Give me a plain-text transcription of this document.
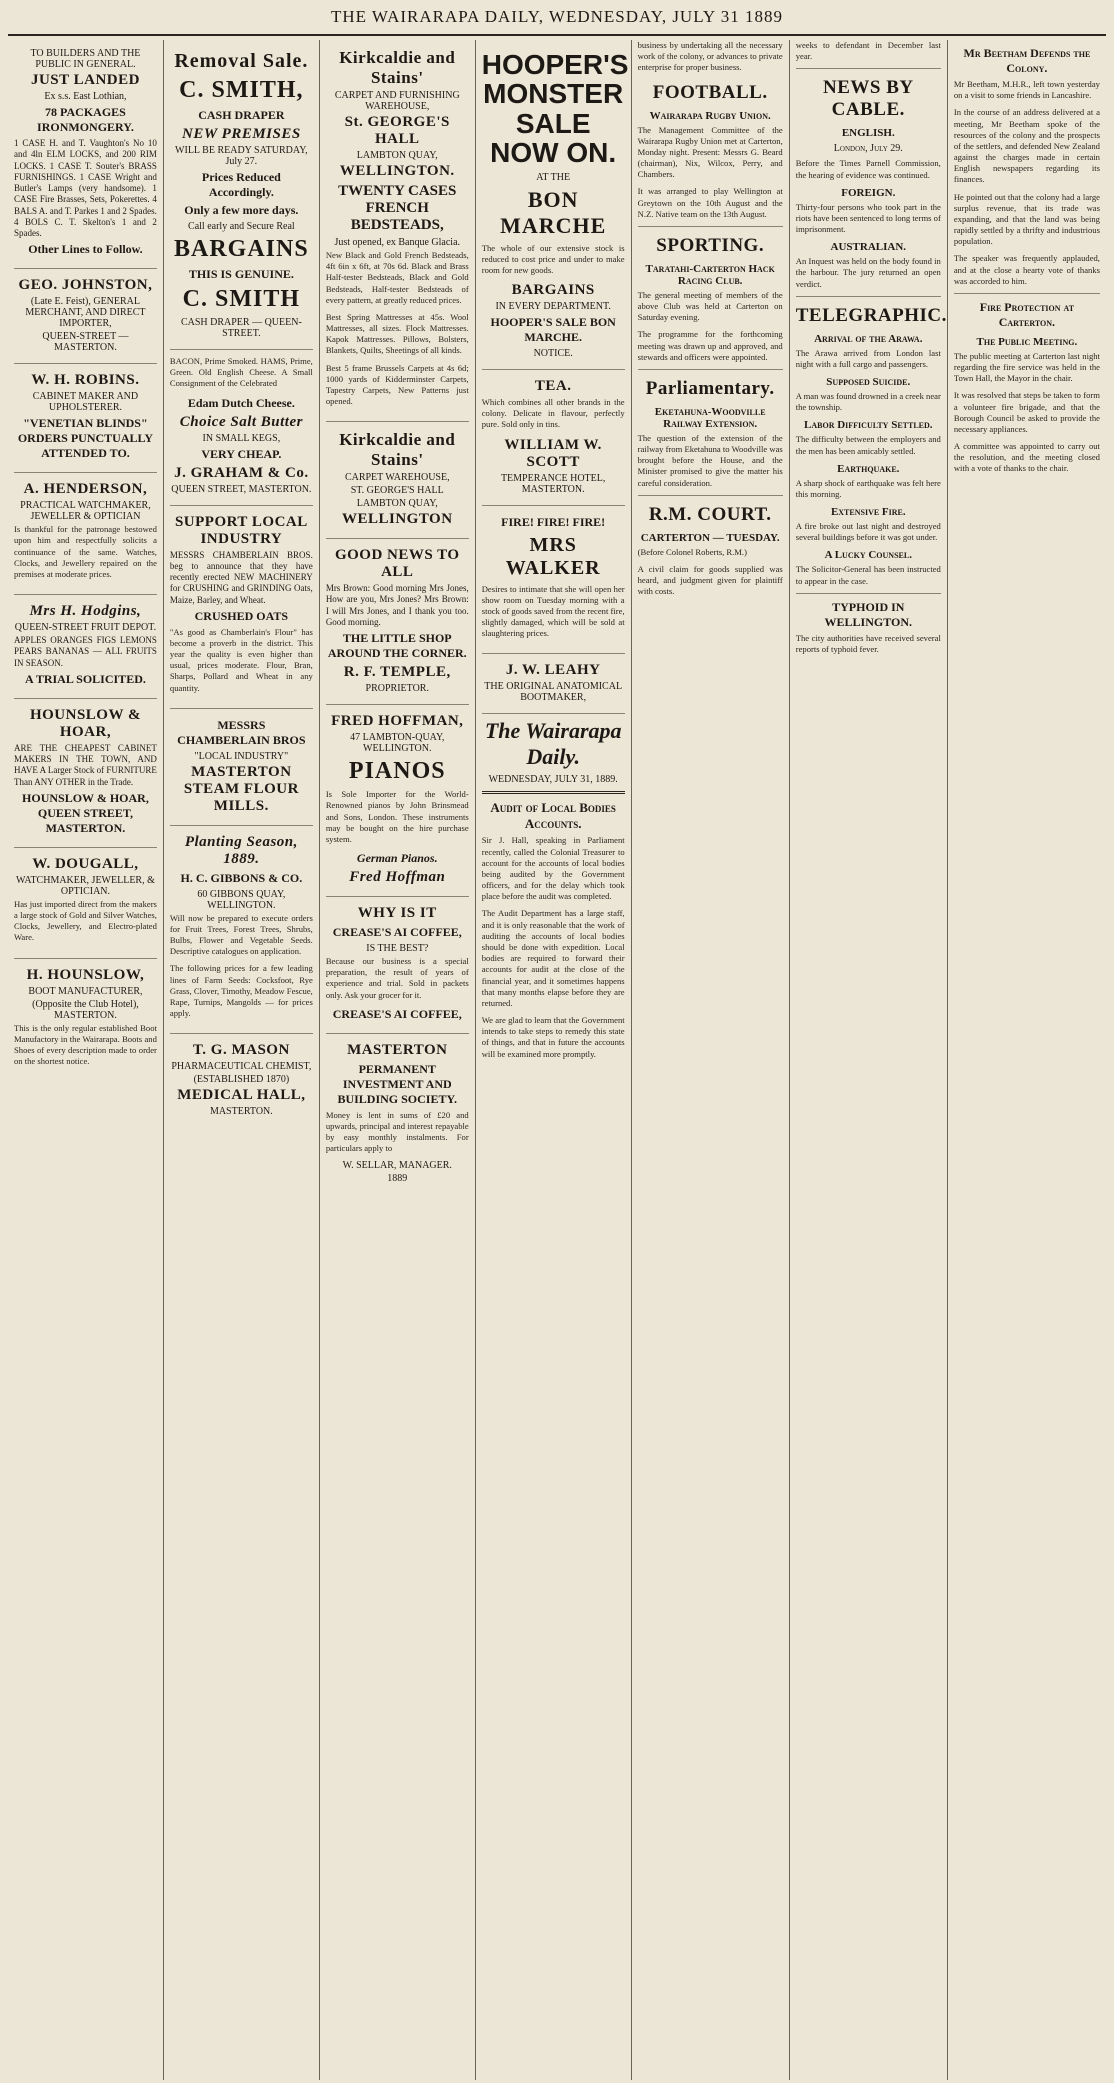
THE WAIRARAPA DAILY, WEDNESDAY, JULY 31 1889
TO BUILDERS AND THE PUBLIC IN GENERAL.
JUST LANDED
Ex s.s. East Lothian,
78 PACKAGES IRONMONGERY.
1 CASE H. and T. Vaughton's No 10 and 4ln ELM LOCKS, and 200 RIM LOCKS. 1 CASE T. Souter's BRASS FURNISHINGS. 1 CASE Wright and Butler's Lamps (very handsome). 1 CASE Fire Brasses, Sets, Pokerettes. 4 BALS A. and T. Parkes 1 and 2 Spades. 4 BOLS C. T. Skelton's 1 and 2 Spades.
Other Lines to Follow.
GEO. JOHNSTON,
(Late E. Feist), GENERAL MERCHANT, AND DIRECT IMPORTER,
QUEEN-STREET — MASTERTON.
W. H. ROBINS.
CABINET MAKER AND UPHOLSTERER.
"VENETIAN BLINDS" ORDERS PUNCTUALLY ATTENDED TO.
A. HENDERSON,
PRACTICAL WATCHMAKER, JEWELLER & OPTICIAN

Is thankful for the patronage bestowed upon him and respectfully solicits a continuance of the same. Watches, Clocks, and Jewellery repaired on the premises at moderate prices.

Mrs H. Hodgins,
QUEEN-STREET FRUIT DEPOT.
APPLES ORANGES FIGS LEMONS PEARS BANANAS — ALL FRUITS IN SEASON.
A TRIAL SOLICITED.
HOUNSLOW & HOAR,
ARE THE CHEAPEST CABINET MAKERS IN THE TOWN, AND HAVE A Larger Stock of FURNITURE Than ANY OTHER in the Trade.
HOUNSLOW & HOAR, QUEEN STREET, MASTERTON.
W. DOUGALL,
WATCHMAKER, JEWELLER, & OPTICIAN.

Has just imported direct from the makers a large stock of Gold and Silver Watches, Clocks, Jewellery, and Electro-plated Ware.

H. HOUNSLOW,
BOOT MANUFACTURER,
(Opposite the Club Hotel), MASTERTON.

This is the only regular established Boot Manufactory in the Wairarapa. Boots and Shoes of every description made to order on the shortest notice.

Removal Sale.
C. SMITH,
CASH DRAPER
NEW PREMISES
WILL BE READY SATURDAY, July 27.
Prices Reduced Accordingly.
Only a few more days.
Call early and Secure Real
BARGAINS
THIS IS GENUINE.
C. SMITH
CASH DRAPER — QUEEN-STREET.

BACON, Prime Smoked. HAMS, Prime, Green. Old English Cheese. A Small Consignment of the Celebrated

Edam Dutch Cheese.
Choice Salt Butter
IN SMALL KEGS,
VERY CHEAP.
J. GRAHAM & Co.
QUEEN STREET, MASTERTON.
SUPPORT LOCAL INDUSTRY
MESSRS CHAMBERLAIN BROS. beg to announce that they have recently erected NEW MACHINERY for CRUSHING and GRINDING Oats, Maize, Barley, and Wheat.
CRUSHED OATS

"As good as Chamberlain's Flour" has become a proverb in the district. This year the quality is even higher than usual, prices moderate. Flour, Bran, Sharps, Pollard and Wheat in any quantity.

MESSRS CHAMBERLAIN BROS
"LOCAL INDUSTRY"
MASTERTON STEAM FLOUR MILLS.
Planting Season, 1889.
H. C. GIBBONS & CO.
60 GIBBONS QUAY, WELLINGTON.

Will now be prepared to execute orders for Fruit Trees, Forest Trees, Shrubs, Bulbs, Flower and Vegetable Seeds. Descriptive catalogues on application.

The following prices for a few leading lines of Farm Seeds: Cocksfoot, Rye Grass, Clover, Timothy, Meadow Fescue, Rape, Turnips, Mangolds — for prices apply.

T. G. MASON
PHARMACEUTICAL CHEMIST,
(ESTABLISHED 1870)
MEDICAL HALL,
MASTERTON.
Kirkcaldie and Stains'
CARPET AND FURNISHING WAREHOUSE,
St. GEORGE'S HALL
LAMBTON QUAY,
WELLINGTON.
TWENTY CASES FRENCH BEDSTEADS,
Just opened, ex Banque Glacia.

New Black and Gold French Bedsteads, 4ft 6in x 6ft, at 70s 6d. Black and Brass Half-tester Bedsteads, Black and Gold Bedsteads, Half-tester Bedsteads of every pattern, at greatly reduced prices.

Best Spring Mattresses at 45s. Wool Mattresses, all sizes. Flock Mattresses. Kapok Mattresses. Pillows, Bolsters, Blankets, Quilts, Sheetings of all kinds.

Best 5 frame Brussels Carpets at 4s 6d; 1000 yards of Kidderminster Carpets, Tapestry Carpets, New Patterns just opened.

Kirkcaldie and Stains'
CARPET WAREHOUSE,
ST. GEORGE'S HALL
LAMBTON QUAY,
WELLINGTON
GOOD NEWS TO ALL
Mrs Brown: Good morning Mrs Jones, How are you, Mrs Jones? Mrs Brown: I will Mrs Jones, and I thank you too. Good morning.
THE LITTLE SHOP AROUND THE CORNER.
R. F. TEMPLE,
PROPRIETOR.
FRED HOFFMAN,
47 LAMBTON-QUAY, WELLINGTON.
PIANOS

Is Sole Importer for the World-Renowned pianos by John Brinsmead and Sons, London. These instruments may be bought on the hire purchase system.

German Pianos.
Fred Hoffman
WHY IS IT
CREASE'S AI COFFEE,
IS THE BEST?

Because our business is a special preparation, the result of years of experience and trial. Sold in packets only. Ask your grocer for it.

CREASE'S AI COFFEE,
MASTERTON
PERMANENT INVESTMENT AND BUILDING SOCIETY.

Money is lent in sums of £20 and upwards, principal and interest repayable by easy monthly instalments. For particulars apply to

W. SELLAR, MANAGER.
1889
HOOPER'S MONSTER SALE NOW ON.
AT THE
BON MARCHE

The whole of our extensive stock is reduced to cost price and under to make room for new goods.

BARGAINS
IN EVERY DEPARTMENT.
HOOPER'S SALE BON MARCHE.
NOTICE.
TEA.

Which combines all other brands in the colony. Delicate in flavour, perfectly pure. Sold only in tins.

WILLIAM W. SCOTT
TEMPERANCE HOTEL, MASTERTON.
FIRE! FIRE! FIRE!
MRS WALKER

Desires to intimate that she will open her show room on Tuesday morning with a stock of goods saved from the recent fire, slightly damaged, which will be sold at slaughtering prices.

J. W. LEAHY
THE ORIGINAL ANATOMICAL BOOTMAKER,
The Wairarapa Daily.
WEDNESDAY, JULY 31, 1889.
Audit of Local Bodies Accounts.

Sir J. Hall, speaking in Parliament recently, called the Colonial Treasurer to account for the accounts of local bodies being audited by the Government officers, and for the delay which took place before the audit was completed.

The Audit Department has a large staff, and it is only reasonable that the work of auditing the accounts of local bodies should be done with expedition. Local bodies are required to forward their accounts for audit at the close of the financial year, and it sometimes happens that many months elapse before they are returned.

We are glad to learn that the Government intends to take steps to remedy this state of things, and that in future the accounts will be examined more promptly.

business by undertaking all the necessary work of the colony, or advances to private enterprise for proper business.

FOOTBALL.
Wairarapa Rugby Union.

The Management Committee of the Wairarapa Rugby Union met at Carterton, Monday night. Present: Messrs G. Beard (chairman), Nix, Wilcox, Perry, and Chambers.

It was arranged to play Wellington at Greytown on the 10th August and the N.Z. Native team on the 13th August.

SPORTING.
Taratahi-Carterton Hack Racing Club.

The general meeting of members of the above Club was held at Carterton on Saturday evening.

The programme for the forthcoming meeting was drawn up and approved, and stewards and officers were appointed.

Parliamentary.
Eketahuna-Woodville Railway Extension.

The question of the extension of the railway from Eketahuna to Woodville was brought before the House, and the Minister promised to give the matter his careful consideration.

R.M. COURT.
CARTERTON — TUESDAY.

(Before Colonel Roberts, R.M.)

A civil claim for goods supplied was heard, and judgment given for plaintiff with costs.

weeks to defendant in December last year.

NEWS BY CABLE.
ENGLISH.
London, July 29.

Before the Times Parnell Commission, the hearing of evidence was continued.

FOREIGN.

Thirty-four persons who took part in the riots have been sentenced to long terms of imprisonment.

AUSTRALIAN.

An Inquest was held on the body found in the harbour. The jury returned an open verdict.

TELEGRAPHIC.
Arrival of the Arawa.

The Arawa arrived from London last night with a full cargo and passengers.

Supposed Suicide.

A man was found drowned in a creek near the township.

Labor Difficulty Settled.

The difficulty between the employers and the men has been amicably settled.

Earthquake.

A sharp shock of earthquake was felt here this morning.

Extensive Fire.

A fire broke out last night and destroyed several buildings before it was got under.

A Lucky Counsel.

The Solicitor-General has been instructed to appear in the case.

TYPHOID IN WELLINGTON.

The city authorities have received several reports of typhoid fever.

Mr Beetham Defends the Colony.

Mr Beetham, M.H.R., left town yesterday on a visit to some friends in Lancashire.

In the course of an address delivered at a meeting, Mr Beetham spoke of the resources of the colony and the prospects of the settlers, and defended New Zealand against the charges made in certain English newspapers regarding its finances.

He pointed out that the colony had a large surplus revenue, that its trade was expanding, and that the land was being rapidly settled by a thrifty and industrious population.

The speaker was frequently applauded, and at the close a hearty vote of thanks was accorded to him.

Fire Protection at Carterton.
The Public Meeting.

The public meeting at Carterton last night regarding the fire service was held in the Town Hall, the Mayor in the chair.

It was resolved that steps be taken to form a volunteer fire brigade, and that the Borough Council be asked to provide the necessary appliances.

A committee was appointed to carry out the resolution, and the meeting closed with a vote of thanks to the chair.
